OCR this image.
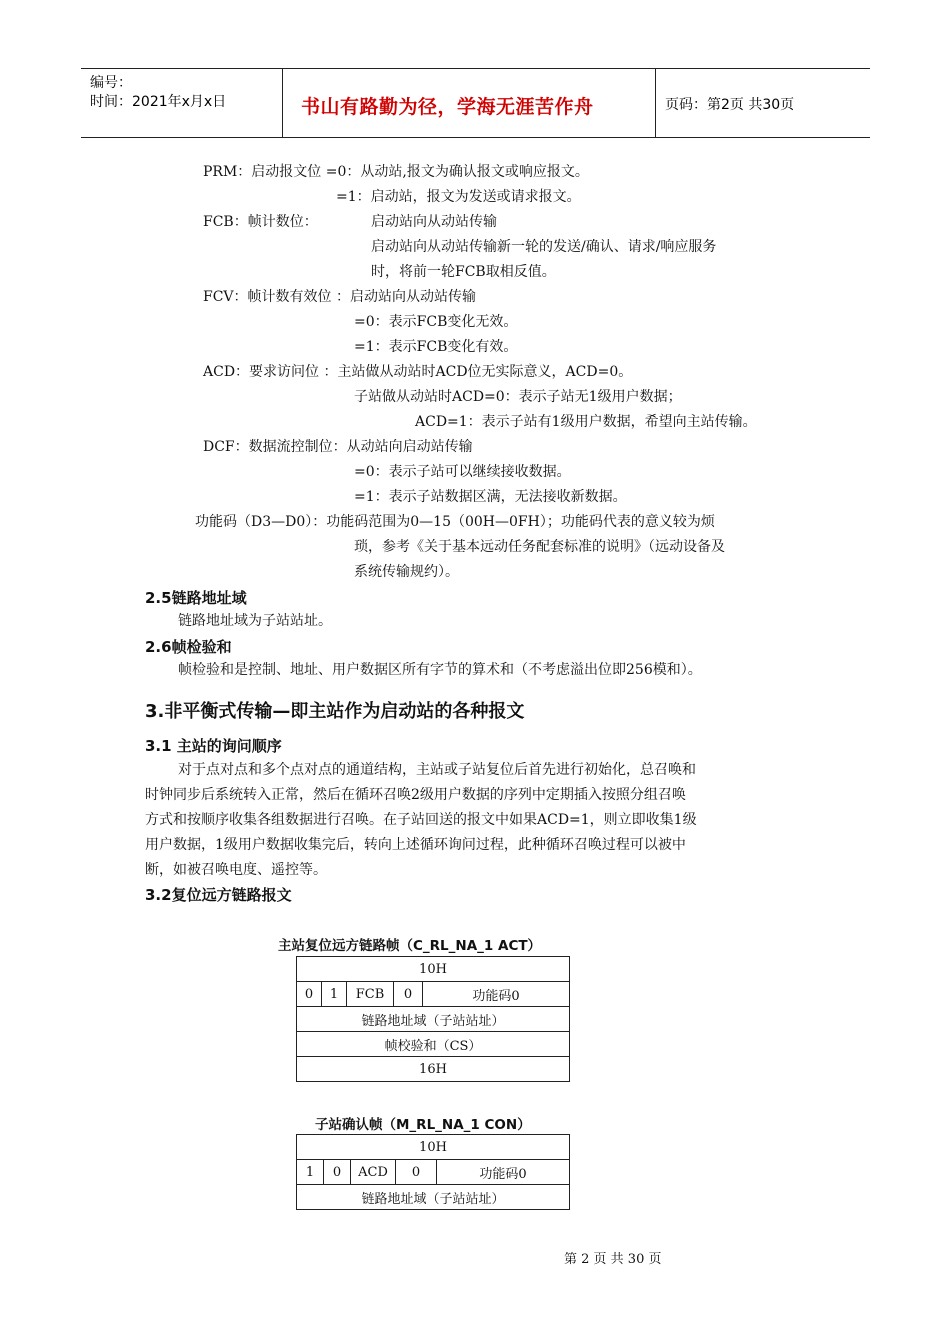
编号：
时间：2021年x月x日	书山有路勤为径，学海无涯苦作舟	页码：第2页 共30页
PRM：启动报文位 =0：从动站,报文为确认报文或响应报文。
=1：启动站，报文为发送或请求报文。
FCB：帧计数位：	启动站向从动站传输
启动站向从动站传输新一轮的发送/确认、请求/响应服务
时，将前一轮FCB取相反值。
FCV：帧计数有效位 ：启动站向从动站传输
=0：表示FCB变化无效。
=1：表示FCB变化有效。
ACD：要求访问位 ：主站做从动站时ACD位无实际意义，ACD=0。
子站做从动站时ACD=0：表示子站无1级用户数据；
ACD=1：表示子站有1级用户数据，希望向主站传输。
DCF：数据流控制位：从动站向启动站传输
=0：表示子站可以继续接收数据。
=1：表示子站数据区满，无法接收新数据。
功能码（D3—D0）：功能码范围为0—15（00H—0FH）；功能码代表的意义较为烦
琐，参考《关于基本远动任务配套标准的说明》（远动设备及
系统传输规约）。
2.5链路地址域
链路地址域为子站站址。
2.6帧检验和
帧检验和是控制、地址、用户数据区所有字节的算术和（不考虑溢出位即256模和）。
3.非平衡式传输—即主站作为启动站的各种报文
3.1 主站的询问顺序
对于点对点和多个点对点的通道结构，主站或子站复位后首先进行初始化，总召唤和
时钟同步后系统转入正常，然后在循环召唤2级用户数据的序列中定期插入按照分组召唤
方式和按顺序收集各组数据进行召唤。在子站回送的报文中如果ACD=1，则立即收集1级
用户数据，1级用户数据收集完后，转向上述循环询问过程，此种循环召唤过程可以被中
断，如被召唤电度、遥控等。
3.2复位远方链路报文
主站复位远方链路帧（C_RL_NA_1 ACT）
10H
0	1	FCB	0	功能码0
链路地址域（子站站址）
帧校验和（CS）
16H
子站确认帧（M_RL_NA_1 CON）
10H
1	0	ACD	0	功能码0
链路地址域（子站站址）
第 2 页 共 30 页
